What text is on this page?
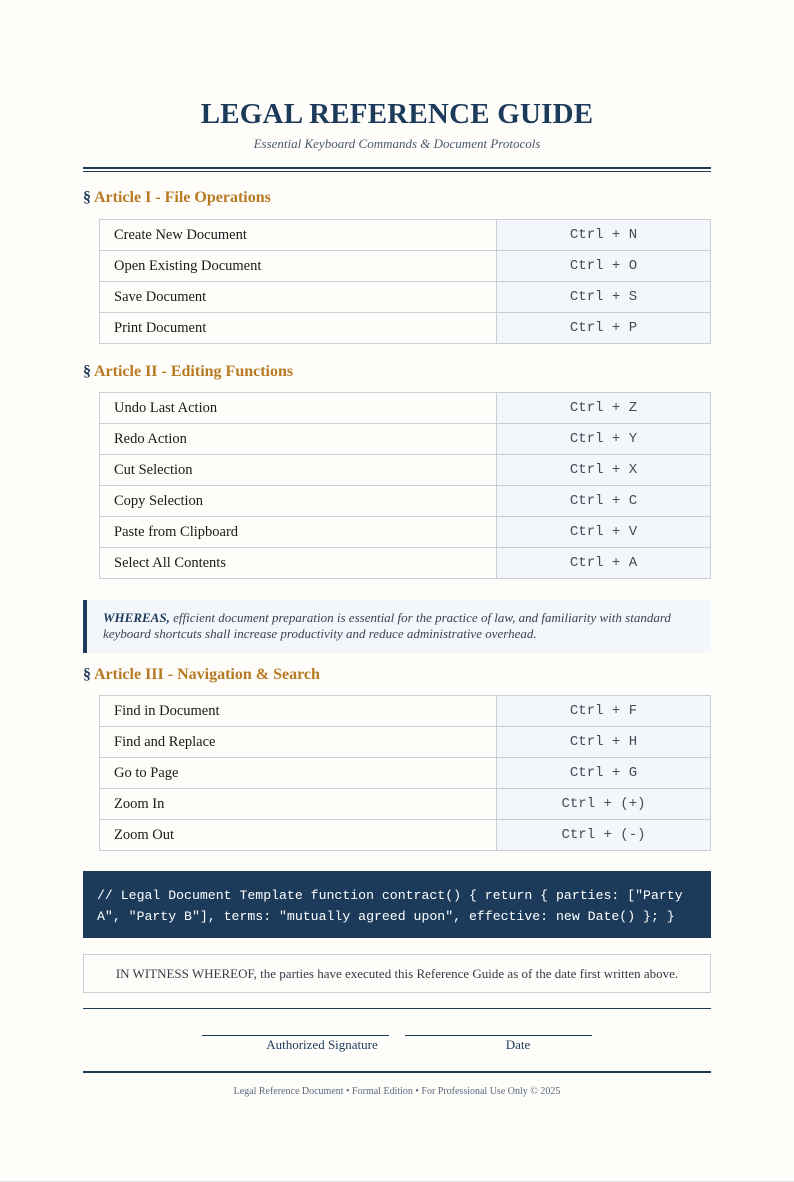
LEGAL REFERENCE GUIDE
Essential Keyboard Commands & Document Protocols
§ Article I - File Operations
Create New Document	Ctrl + N
Open Existing Document	Ctrl + O
Save Document	Ctrl + S
Print Document	Ctrl + P
§ Article II - Editing Functions
Undo Last Action	Ctrl + Z
Redo Action	Ctrl + Y
Cut Selection	Ctrl + X
Copy Selection	Ctrl + C
Paste from Clipboard	Ctrl + V
Select All Contents	Ctrl + A
WHEREAS, efficient document preparation is essential for the practice of law, and familiarity with standard keyboard shortcuts shall increase productivity and reduce administrative overhead.
§ Article III - Navigation & Search
Find in Document	Ctrl + F
Find and Replace	Ctrl + H
Go to Page	Ctrl + G
Zoom In	Ctrl + (+)
Zoom Out	Ctrl + (-)
// Legal Document Template function contract() { return { parties: ["Party A", "Party B"], terms: "mutually agreed upon", effective: new Date() }; }
IN WITNESS WHEREOF, the parties have executed this Reference Guide as of the date first written above.
Authorized Signature	Date
Legal Reference Document • Formal Edition • For Professional Use Only © 2025
